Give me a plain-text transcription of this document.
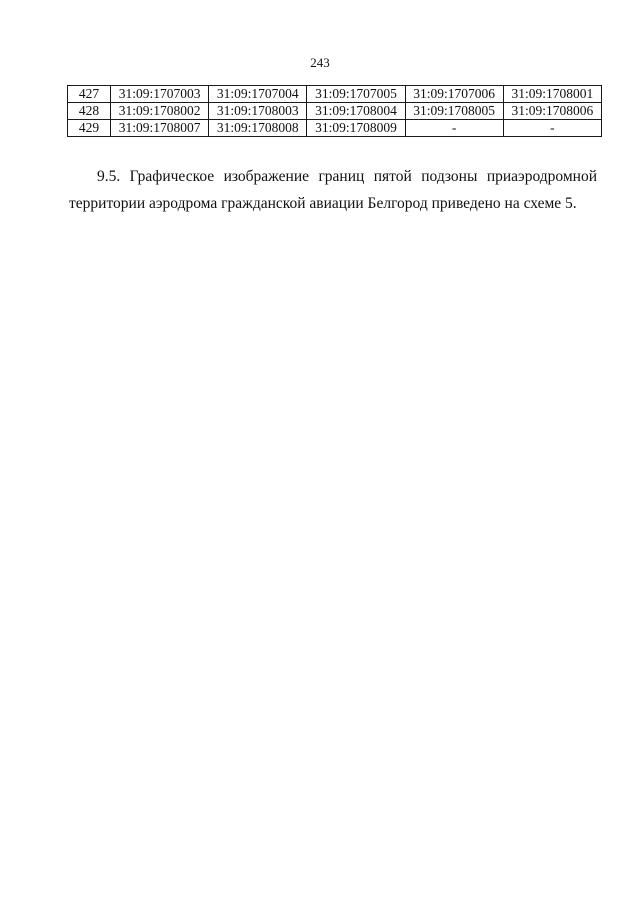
243
427	31:09:1707003	31:09:1707004	31:09:1707005	31:09:1707006	31:09:1708001
428	31:09:1708002	31:09:1708003	31:09:1708004	31:09:1708005	31:09:1708006
429	31:09:1708007	31:09:1708008	31:09:1708009	-	-
9.5. Графическое изображение границ пятой подзоны приаэродромной
территории аэродрома гражданской авиации Белгород приведено на схеме 5.
